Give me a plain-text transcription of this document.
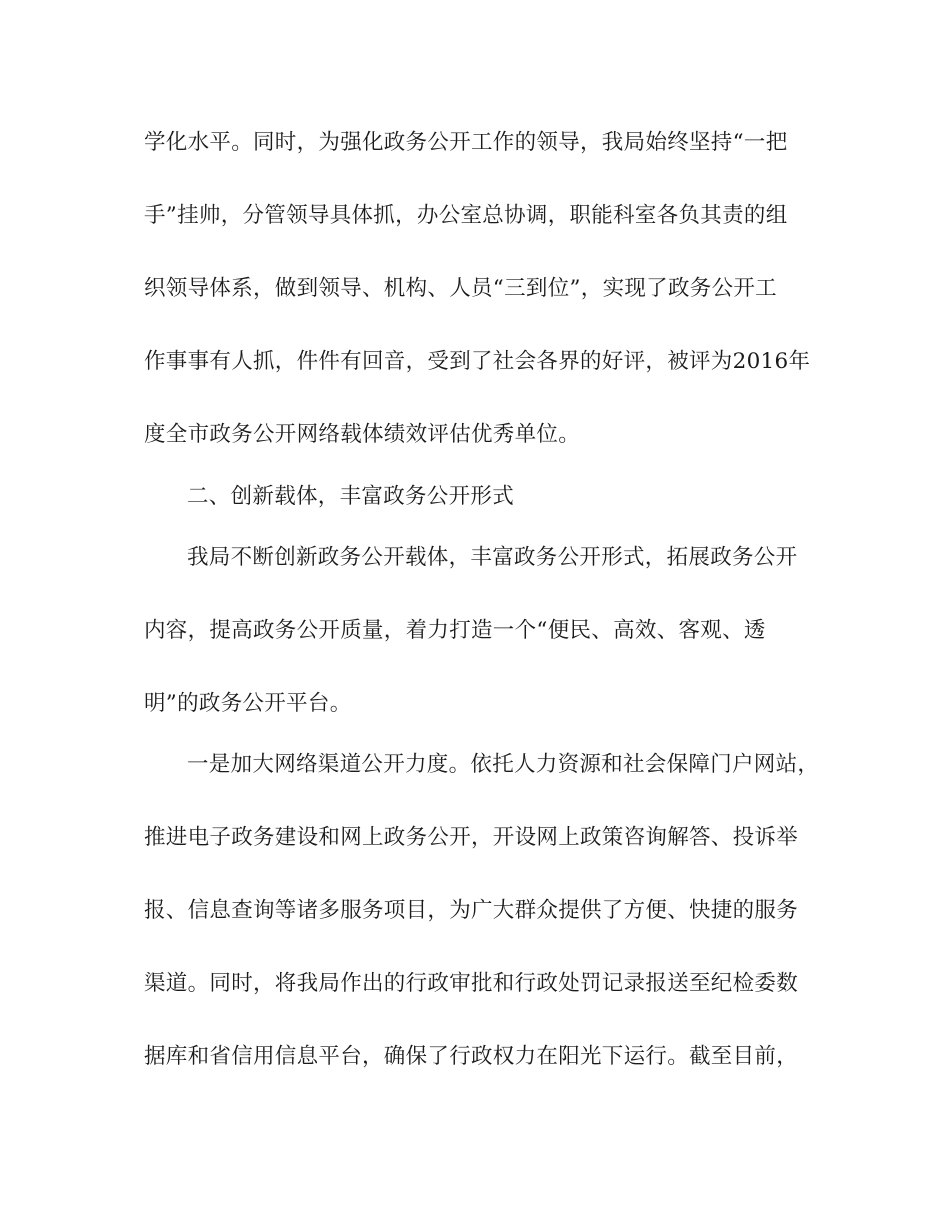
学化水平。同时，为强化政务公开工作的领导，我局始终坚持“一把
手”挂帅，分管领导具体抓，办公室总协调，职能科室各负其责的组
织领导体系，做到领导、机构、人员“三到位”，实现了政务公开工
作事事有人抓，件件有回音，受到了社会各界的好评，被评为2016年
度全市政务公开网络载体绩效评估优秀单位。
二、创新载体，丰富政务公开形式
我局不断创新政务公开载体，丰富政务公开形式，拓展政务公开
内容，提高政务公开质量，着力打造一个“便民、高效、客观、透
明”的政务公开平台。
一是加大网络渠道公开力度。依托人力资源和社会保障门户网站，
推进电子政务建设和网上政务公开，开设网上政策咨询解答、投诉举
报、信息查询等诸多服务项目，为广大群众提供了方便、快捷的服务
渠道。同时，将我局作出的行政审批和行政处罚记录报送至纪检委数
据库和省信用信息平台，确保了行政权力在阳光下运行。截至目前，
